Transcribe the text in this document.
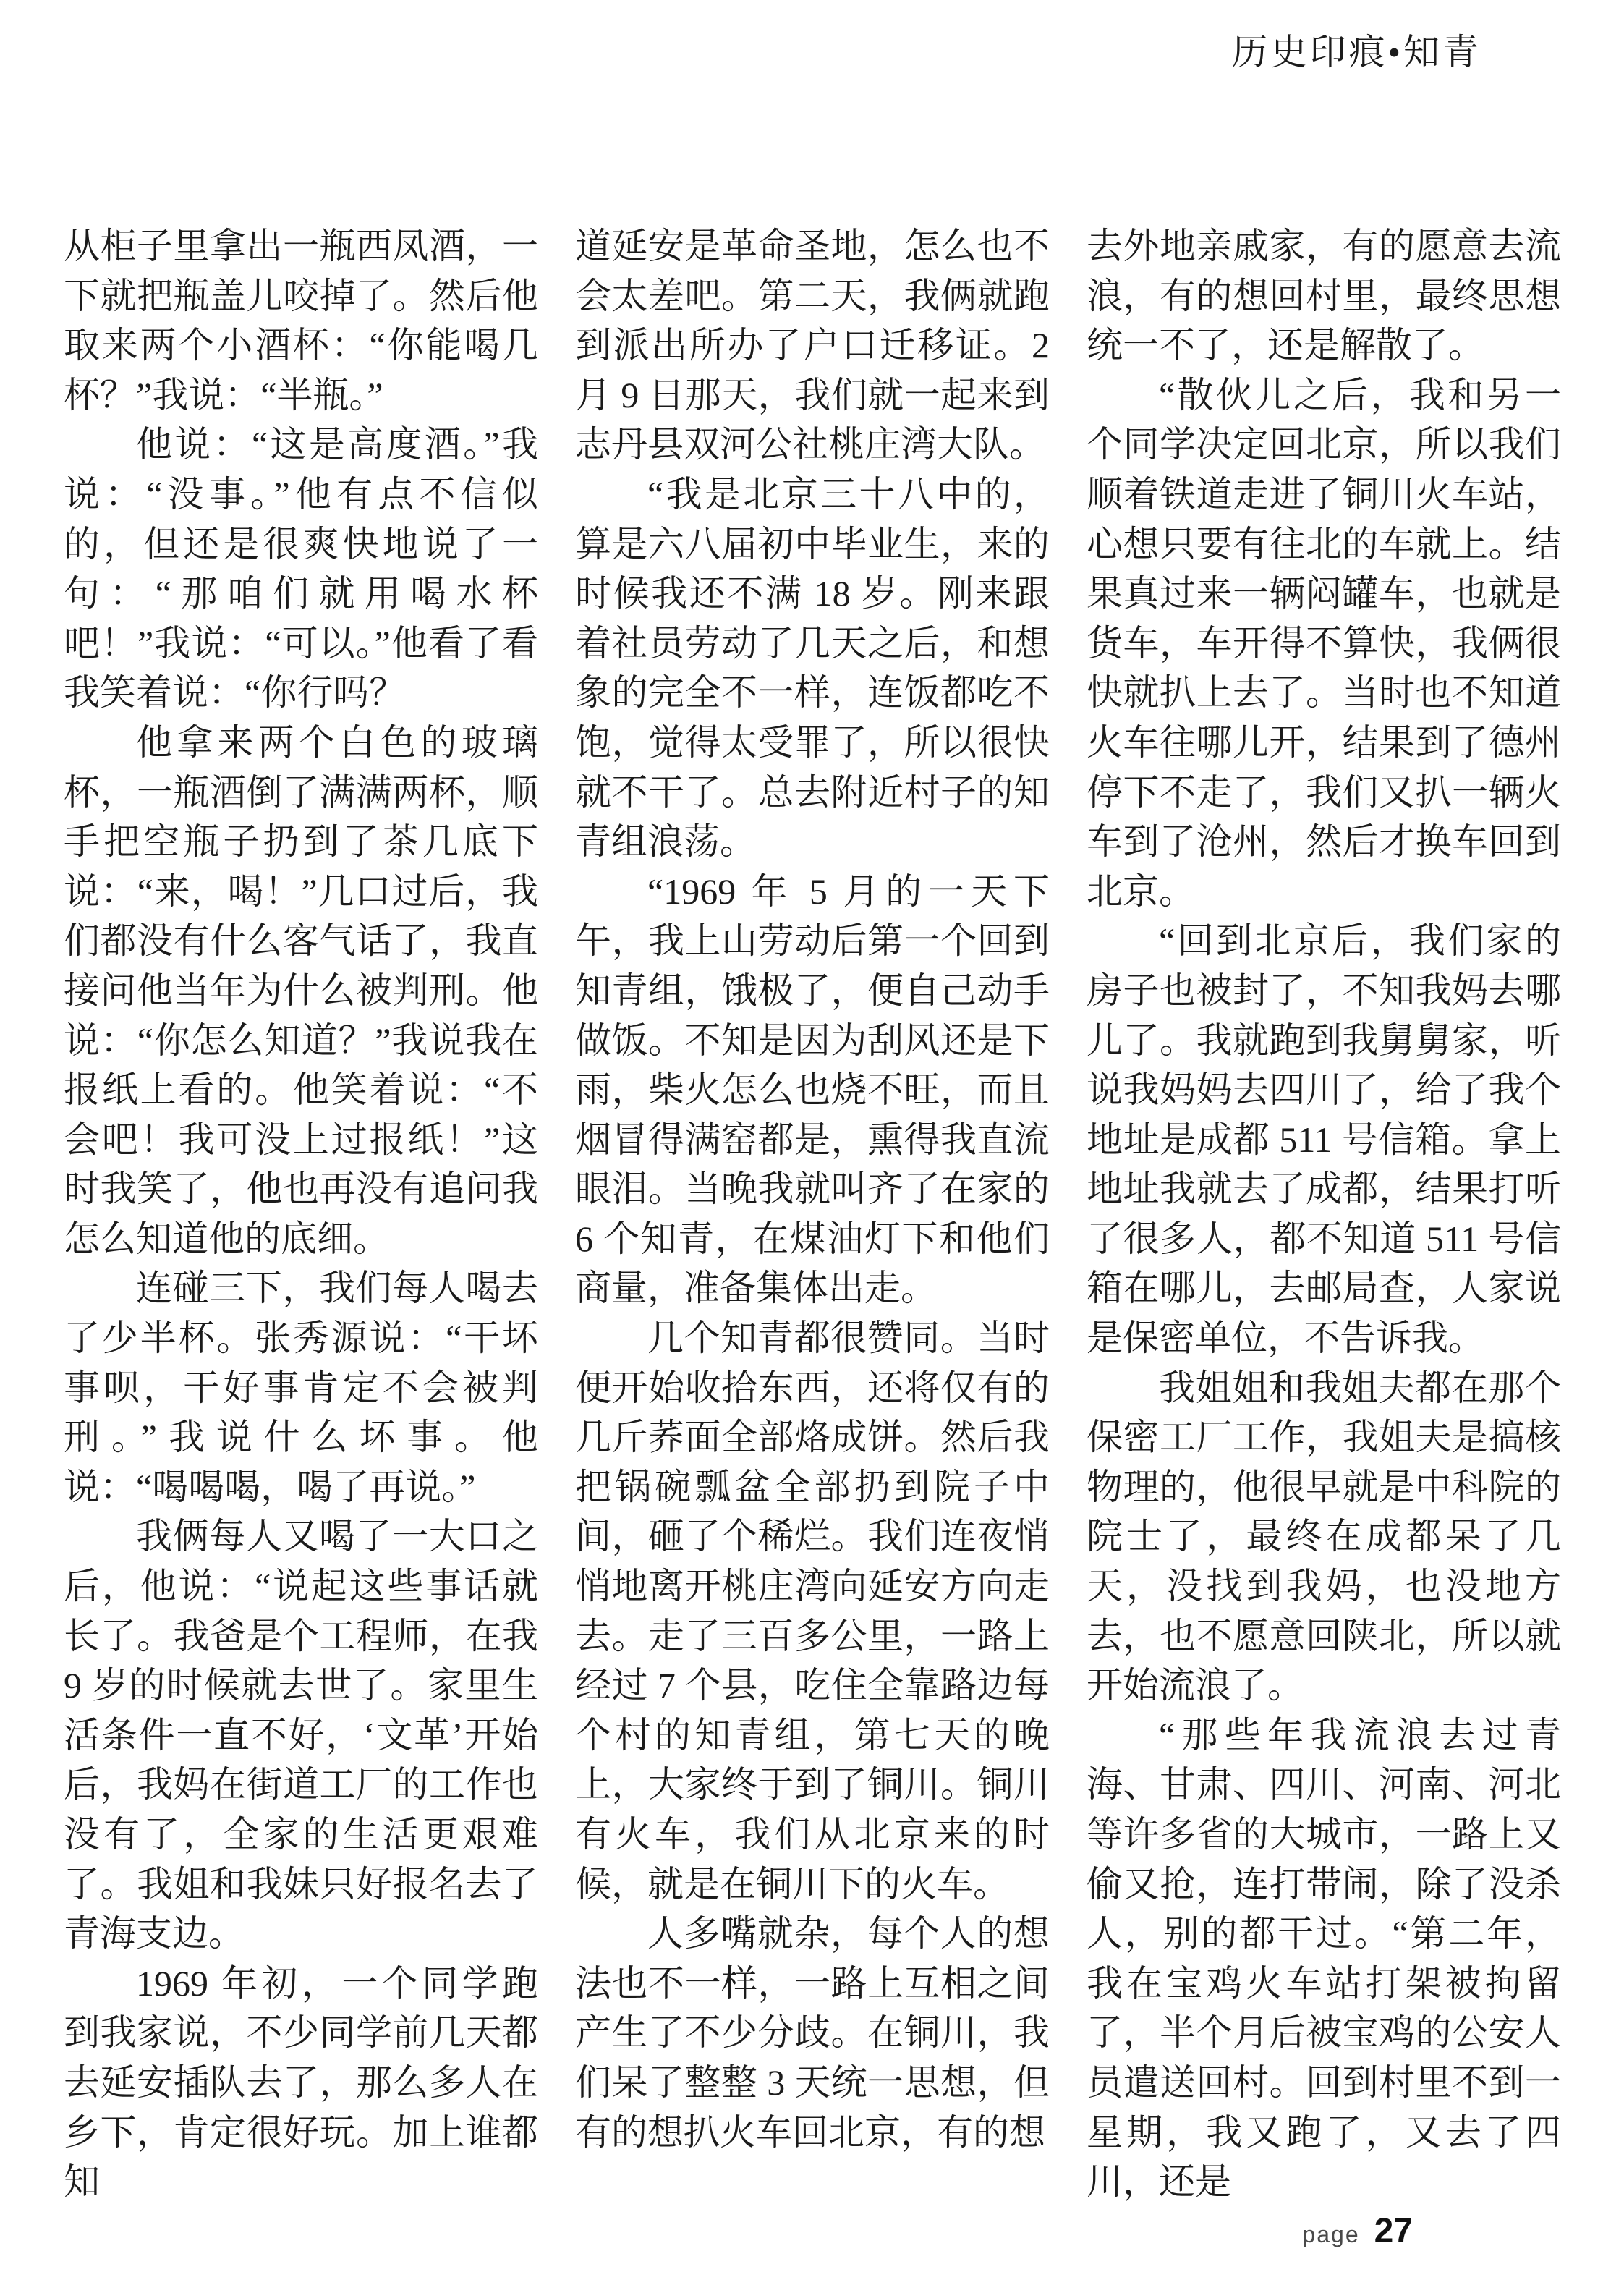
历史印痕•知青

从柜子里拿出一瓶西凤酒，一下就把瓶盖儿咬掉了。然后他取来两个小酒杯：“你能喝几杯？”我说：“半瓶。”

他说：“这是高度酒。”我说：“没事。”他有点不信似的，但还是很爽快地说了一句：“那咱们就用喝水杯吧！”我说：“可以。”他看了看我笑着说：“你行吗？

他拿来两个白色的玻璃杯，一瓶酒倒了满满两杯，顺手把空瓶子扔到了茶几底下说：“来，喝！”几口过后，我们都没有什么客气话了，我直接问他当年为什么被判刑。他说：“你怎么知道？”我说我在报纸上看的。他笑着说：“不会吧！我可没上过报纸！”这时我笑了，他也再没有追问我怎么知道他的底细。

连碰三下，我们每人喝去了少半杯。张秀源说：“干坏事呗，干好事肯定不会被判刑。”我说什么坏事。他说：“喝喝喝，喝了再说。”

我俩每人又喝了一大口之后，他说：“说起这些事话就长了。我爸是个工程师，在我 9 岁的时候就去世了。家里生活条件一直不好，‘文革’开始后，我妈在街道工厂的工作也没有了，全家的生活更艰难了。我姐和我妹只好报名去了青海支边。

1969 年初，一个同学跑到我家说，不少同学前几天都去延安插队去了，那么多人在乡下，肯定很好玩。加上谁都知

道延安是革命圣地，怎么也不会太差吧。第二天，我俩就跑到派出所办了户口迁移证。2 月 9 日那天，我们就一起来到志丹县双河公社桃庄湾大队。

“我是北京三十八中的，算是六八届初中毕业生，来的时候我还不满 18 岁。刚来跟着社员劳动了几天之后，和想象的完全不一样，连饭都吃不饱，觉得太受罪了，所以很快就不干了。总去附近村子的知青组浪荡。

“1969 年 5 月的一天下午，我上山劳动后第一个回到知青组，饿极了，便自己动手做饭。不知是因为刮风还是下雨，柴火怎么也烧不旺，而且烟冒得满窑都是，熏得我直流眼泪。当晚我就叫齐了在家的 6 个知青，在煤油灯下和他们商量，准备集体出走。

几个知青都很赞同。当时便开始收拾东西，还将仅有的几斤荞面全部烙成饼。然后我把锅碗瓢盆全部扔到院子中间，砸了个稀烂。我们连夜悄悄地离开桃庄湾向延安方向走去。走了三百多公里，一路上经过 7 个县，吃住全靠路边每个村的知青组，第七天的晚上，大家终于到了铜川。铜川有火车，我们从北京来的时候，就是在铜川下的火车。

人多嘴就杂，每个人的想法也不一样，一路上互相之间产生了不少分歧。在铜川，我们呆了整整 3 天统一思想，但有的想扒火车回北京，有的想

去外地亲戚家，有的愿意去流浪，有的想回村里，最终思想统一不了，还是解散了。

“散伙儿之后，我和另一个同学决定回北京，所以我们顺着铁道走进了铜川火车站，心想只要有往北的车就上。结果真过来一辆闷罐车，也就是货车，车开得不算快，我俩很快就扒上去了。当时也不知道火车往哪儿开，结果到了德州停下不走了，我们又扒一辆火车到了沧州，然后才换车回到北京。

“回到北京后，我们家的房子也被封了，不知我妈去哪儿了。我就跑到我舅舅家，听说我妈妈去四川了，给了我个地址是成都 511 号信箱。拿上地址我就去了成都，结果打听了很多人，都不知道 511 号信箱在哪儿，去邮局查，人家说是保密单位，不告诉我。

我姐姐和我姐夫都在那个保密工厂工作，我姐夫是搞核物理的，他很早就是中科院的院士了，最终在成都呆了几天，没找到我妈，也没地方去，也不愿意回陕北，所以就开始流浪了。

“那些年我流浪去过青海、甘肃、四川、河南、河北等许多省的大城市，一路上又偷又抢，连打带闹，除了没杀人，别的都干过。“第二年，我在宝鸡火车站打架被拘留了，半个月后被宝鸡的公安人员遣送回村。回到村里不到一星期，我又跑了，又去了四川，还是

page 27
